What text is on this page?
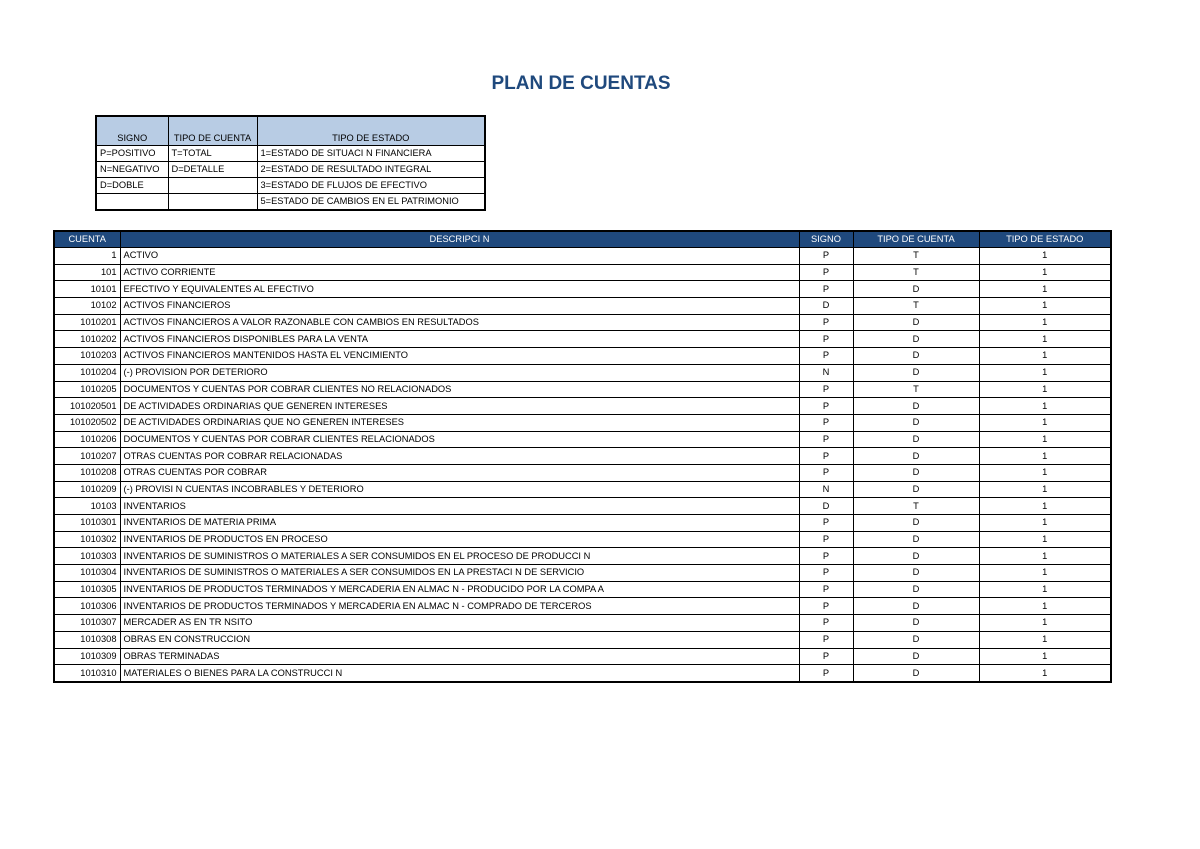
PLAN DE CUENTAS
SIGNO	TIPO DE CUENTA	TIPO DE ESTADO
P=POSITIVO	T=TOTAL	1=ESTADO DE SITUACI N FINANCIERA
N=NEGATIVO	D=DETALLE	2=ESTADO DE RESULTADO INTEGRAL
D=DOBLE		3=ESTADO DE FLUJOS DE EFECTIVO
		5=ESTADO DE CAMBIOS EN EL PATRIMONIO
CUENTA	DESCRIPCI N	SIGNO	TIPO DE CUENTA	TIPO DE ESTADO
1	ACTIVO	P	T	1
101	ACTIVO CORRIENTE	P	T	1
10101	EFECTIVO Y EQUIVALENTES AL EFECTIVO	P	D	1
10102	ACTIVOS FINANCIEROS	D	T	1
1010201	ACTIVOS FINANCIEROS A VALOR RAZONABLE CON CAMBIOS EN RESULTADOS	P	D	1
1010202	ACTIVOS FINANCIEROS DISPONIBLES PARA LA VENTA	P	D	1
1010203	ACTIVOS FINANCIEROS MANTENIDOS HASTA EL VENCIMIENTO	P	D	1
1010204	(-) PROVISION POR DETERIORO	N	D	1
1010205	DOCUMENTOS Y CUENTAS POR COBRAR CLIENTES NO RELACIONADOS	P	T	1
101020501	DE ACTIVIDADES ORDINARIAS QUE GENEREN INTERESES	P	D	1
101020502	DE ACTIVIDADES ORDINARIAS QUE NO GENEREN INTERESES	P	D	1
1010206	DOCUMENTOS Y CUENTAS POR COBRAR CLIENTES RELACIONADOS	P	D	1
1010207	OTRAS CUENTAS POR COBRAR RELACIONADAS	P	D	1
1010208	OTRAS CUENTAS POR COBRAR	P	D	1
1010209	(-) PROVISI N CUENTAS INCOBRABLES Y DETERIORO	N	D	1
10103	INVENTARIOS	D	T	1
1010301	INVENTARIOS DE MATERIA PRIMA	P	D	1
1010302	INVENTARIOS DE PRODUCTOS EN PROCESO	P	D	1
1010303	INVENTARIOS DE SUMINISTROS O MATERIALES A SER CONSUMIDOS EN EL PROCESO DE PRODUCCI N	P	D	1
1010304	INVENTARIOS DE SUMINISTROS O MATERIALES A SER CONSUMIDOS EN LA PRESTACI N DE SERVICIO	P	D	1
1010305	INVENTARIOS DE PRODUCTOS TERMINADOS Y MERCADERIA EN ALMAC N - PRODUCIDO POR LA COMPA A	P	D	1
1010306	INVENTARIOS DE PRODUCTOS TERMINADOS Y MERCADERIA EN ALMAC N - COMPRADO DE TERCEROS	P	D	1
1010307	MERCADER AS EN TR NSITO	P	D	1
1010308	OBRAS EN CONSTRUCCION	P	D	1
1010309	OBRAS TERMINADAS	P	D	1
1010310	MATERIALES O BIENES PARA LA CONSTRUCCI N	P	D	1
